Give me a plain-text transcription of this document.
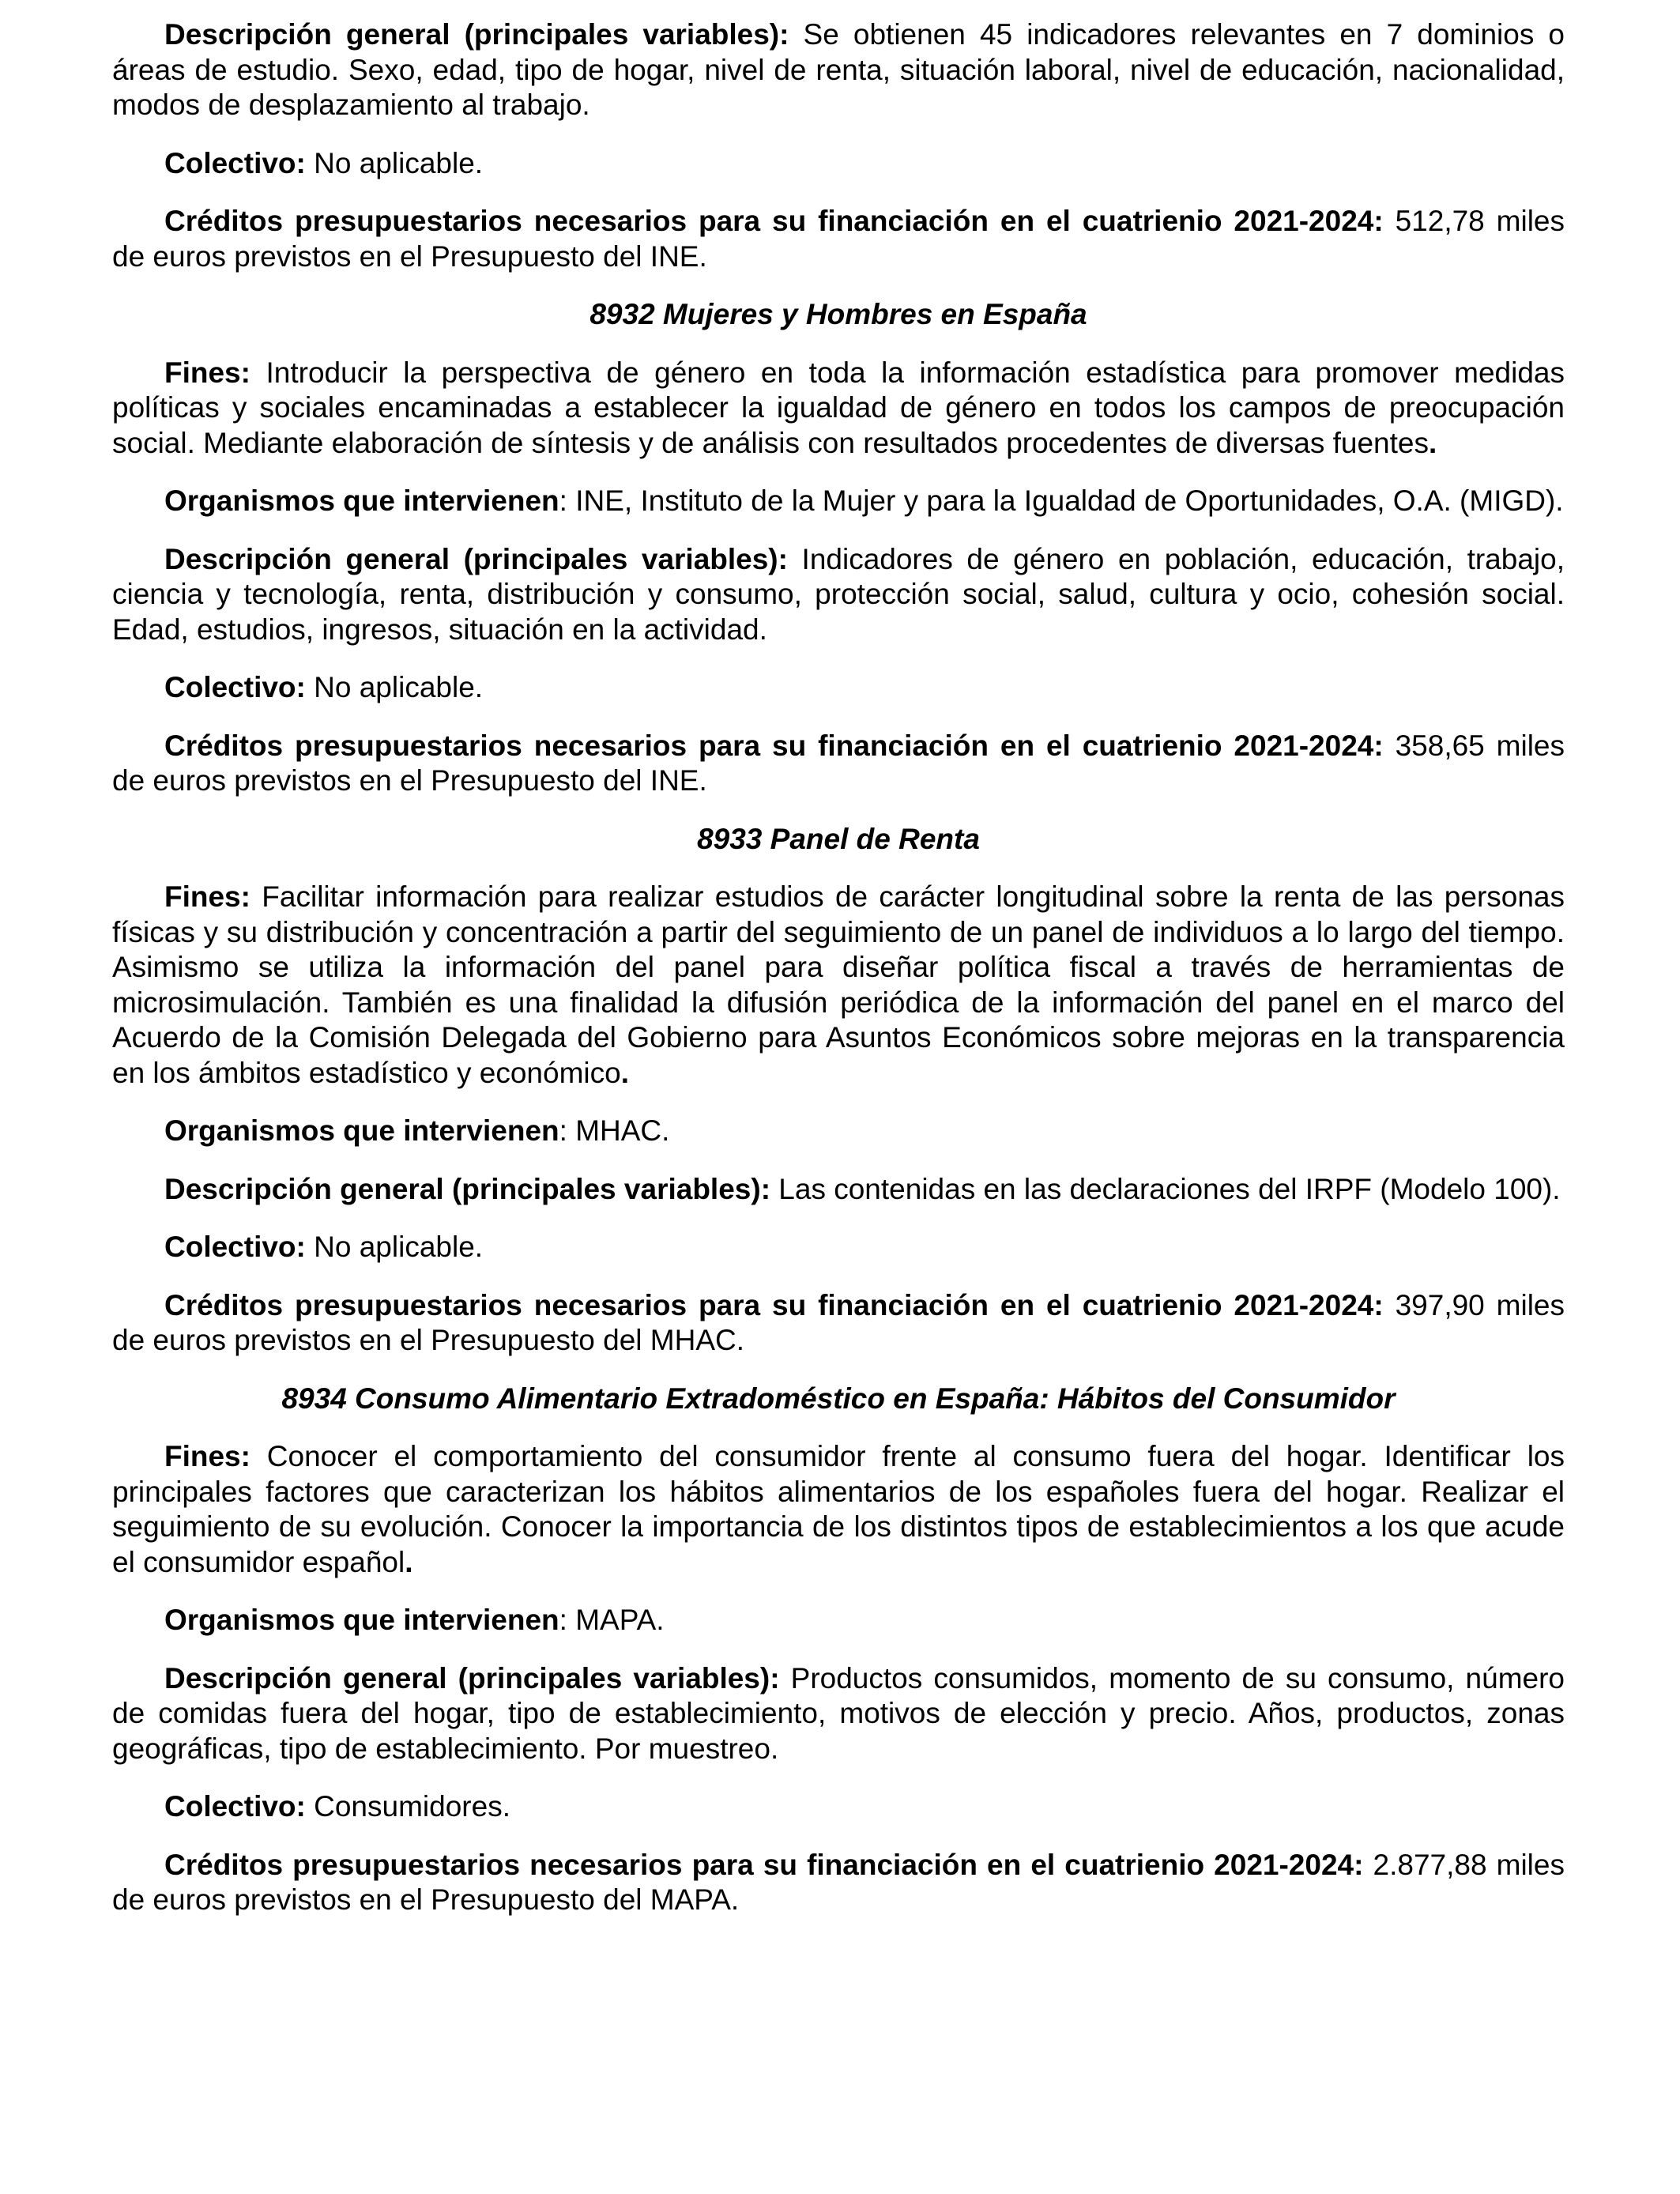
Descripción general (principales variables): Se obtienen 45 indicadores relevantes en 7 dominios o áreas de estudio. Sexo, edad, tipo de hogar, nivel de renta, situación laboral, nivel de educación, nacionalidad, modos de desplazamiento al trabajo.

Colectivo: No aplicable.

Créditos presupuestarios necesarios para su financiación en el cuatrienio 2021-2024: 512,78 miles de euros previstos en el Presupuesto del INE.

8932 Mujeres y Hombres en España

Fines: Introducir la perspectiva de género en toda la información estadística para promover medidas políticas y sociales encaminadas a establecer la igualdad de género en todos los campos de preocupación social. Mediante elaboración de síntesis y de análisis con resultados procedentes de diversas fuentes.

Organismos que intervienen: INE, Instituto de la Mujer y para la Igualdad de Oportunidades, O.A. (MIGD).

Descripción general (principales variables): Indicadores de género en población, educación, trabajo, ciencia y tecnología, renta, distribución y consumo, protección social, salud, cultura y ocio, cohesión social. Edad, estudios, ingresos, situación en la actividad.

Colectivo: No aplicable.

Créditos presupuestarios necesarios para su financiación en el cuatrienio 2021-2024: 358,65 miles de euros previstos en el Presupuesto del INE.

8933 Panel de Renta

Fines: Facilitar información para realizar estudios de carácter longitudinal sobre la renta de las personas físicas y su distribución y concentración a partir del seguimiento de un panel de individuos a lo largo del tiempo. Asimismo se utiliza la información del panel para diseñar política fiscal a través de herramientas de microsimulación. También es una finalidad la difusión periódica de la información del panel en el marco del Acuerdo de la Comisión Delegada del Gobierno para Asuntos Económicos sobre mejoras en la transparencia en los ámbitos estadístico y económico.

Organismos que intervienen: MHAC.

Descripción general (principales variables): Las contenidas en las declaraciones del IRPF (Modelo 100).

Colectivo: No aplicable.

Créditos presupuestarios necesarios para su financiación en el cuatrienio 2021-2024: 397,90 miles de euros previstos en el Presupuesto del MHAC.

8934 Consumo Alimentario Extradoméstico en España: Hábitos del Consumidor

Fines: Conocer el comportamiento del consumidor frente al consumo fuera del hogar. Identificar los principales factores que caracterizan los hábitos alimentarios de los españoles fuera del hogar. Realizar el seguimiento de su evolución. Conocer la importancia de los distintos tipos de establecimientos a los que acude el consumidor español.

Organismos que intervienen: MAPA.

Descripción general (principales variables): Productos consumidos, momento de su consumo, número de comidas fuera del hogar, tipo de establecimiento, motivos de elección y precio. Años, productos, zonas geográficas, tipo de establecimiento. Por muestreo.

Colectivo: Consumidores.

Créditos presupuestarios necesarios para su financiación en el cuatrienio 2021-2024: 2.877,88 miles de euros previstos en el Presupuesto del MAPA.
